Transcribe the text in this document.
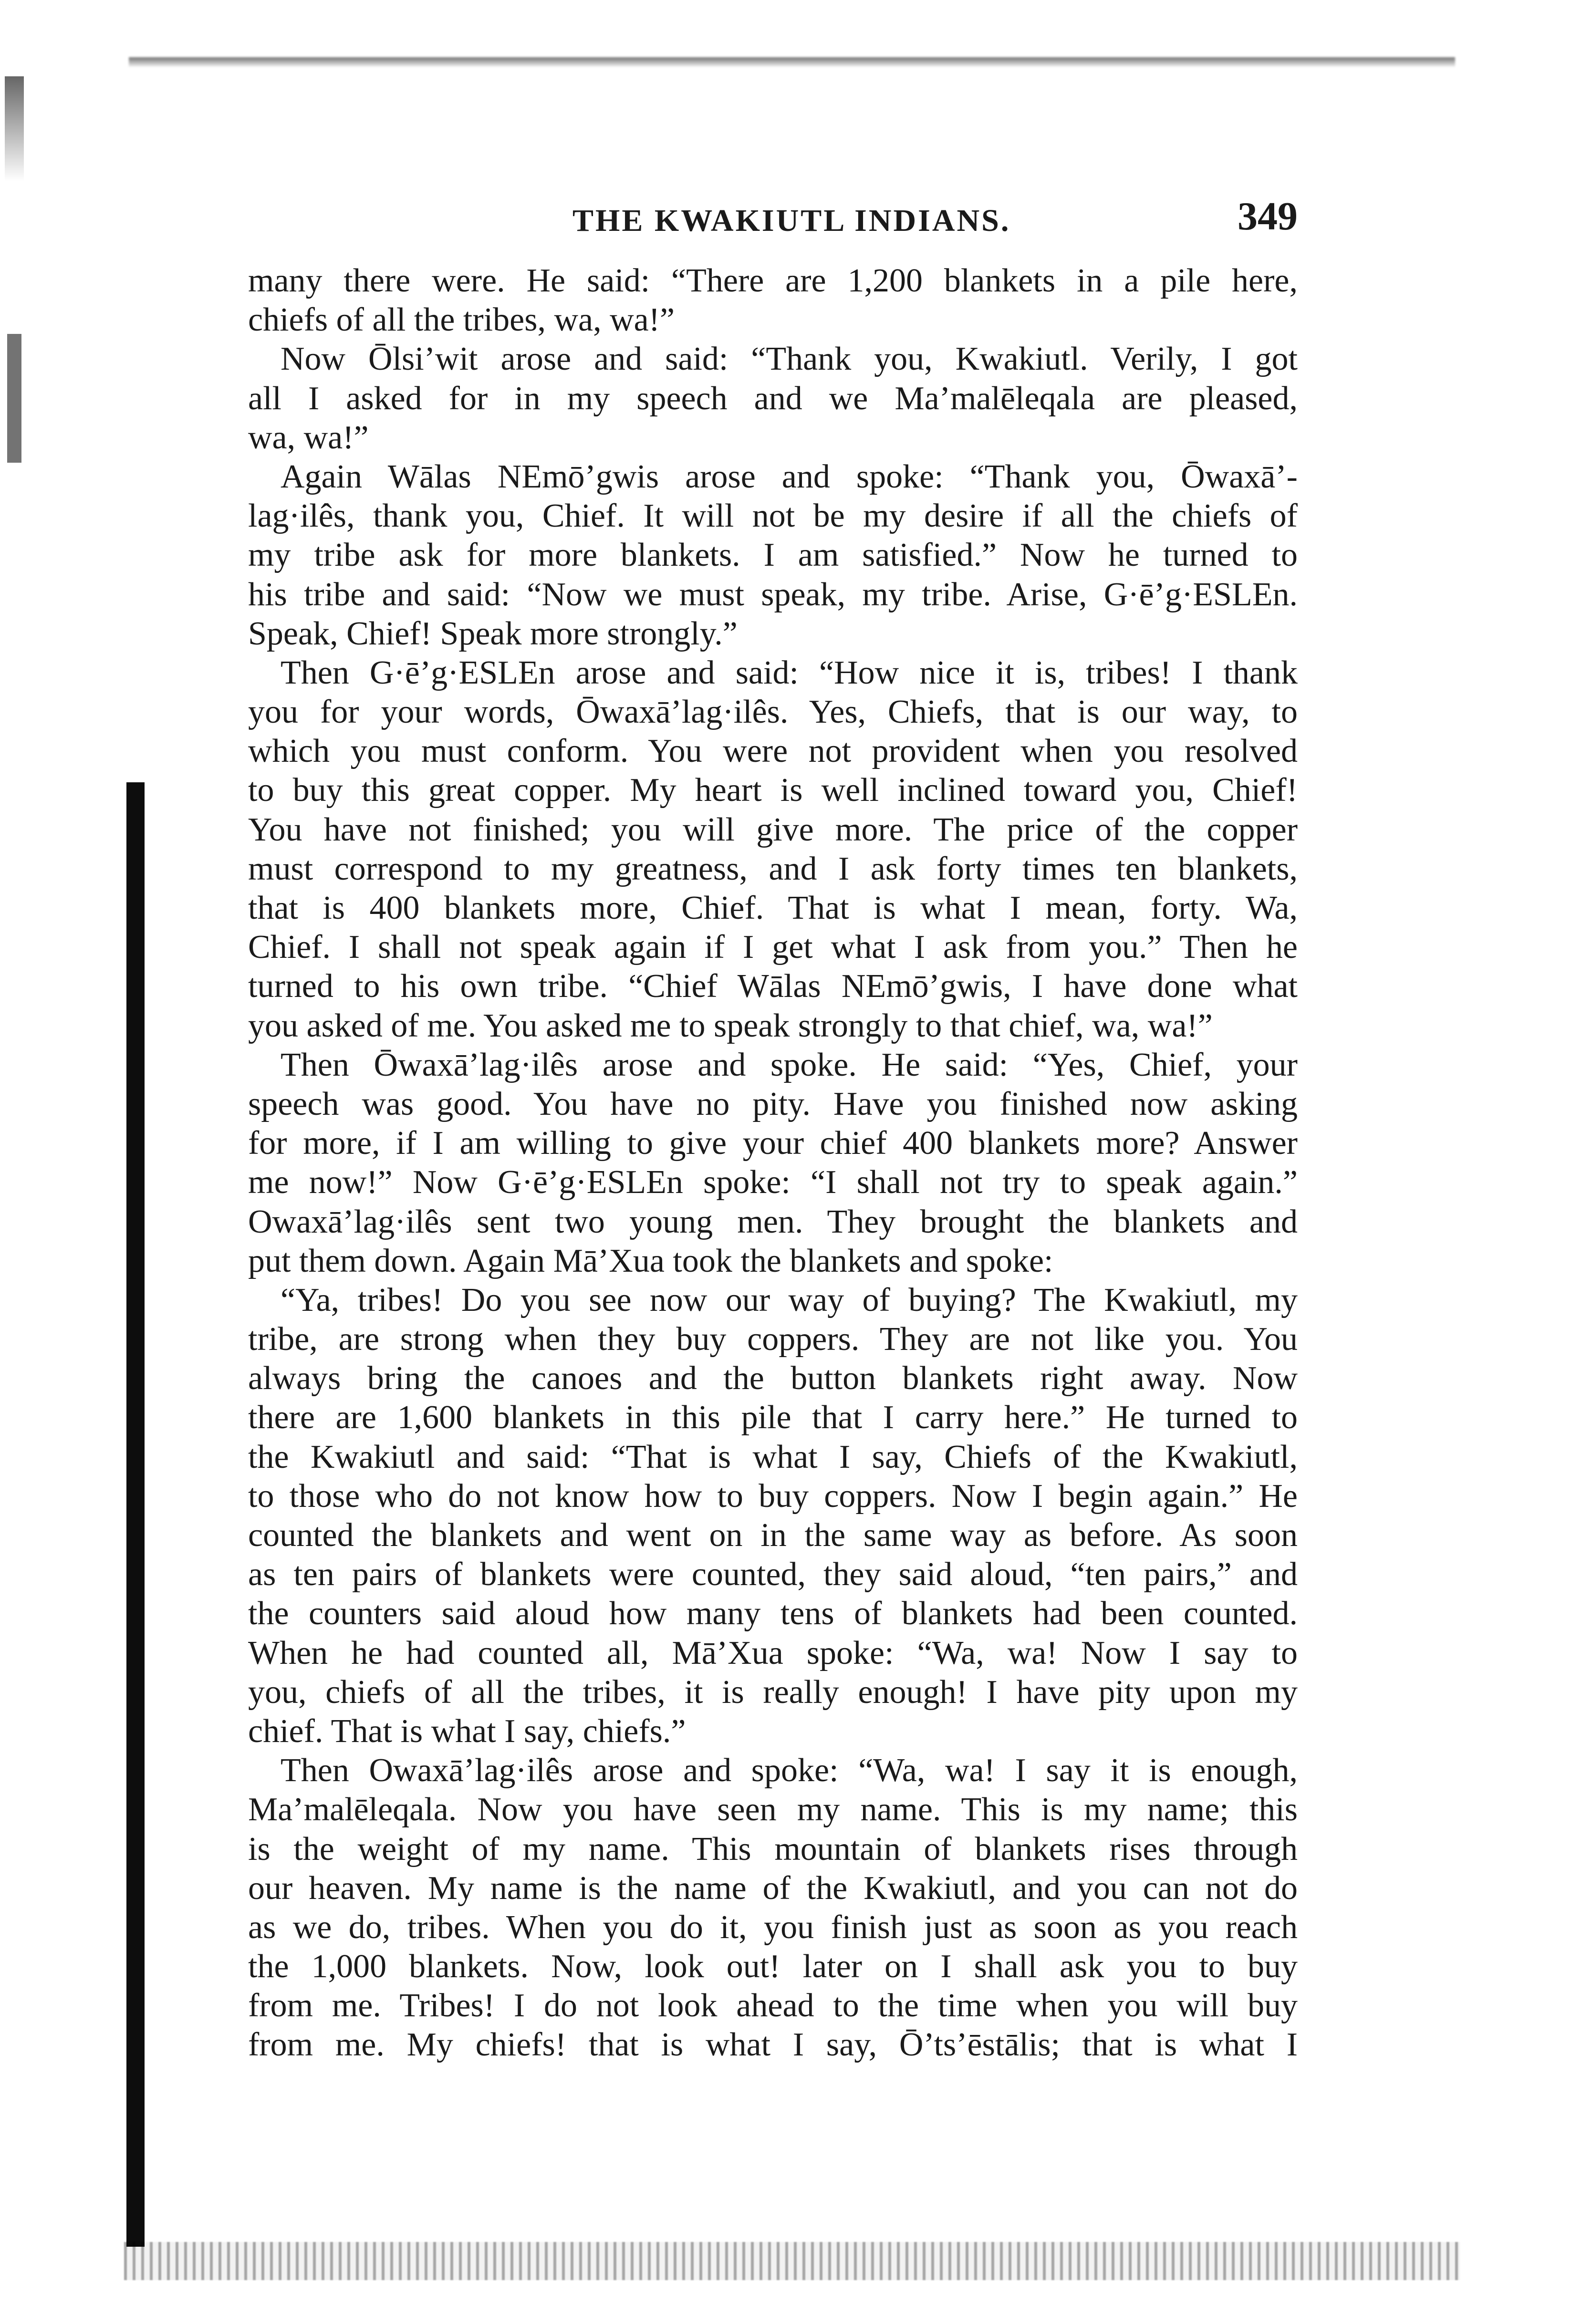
THE KWAKIUTL INDIANS.	349
many there were. He said: “There are 1,200 blankets in a pile here,
chiefs of all the tribes, wa, wa!”
Now Ōlsi’wit arose and said: “Thank you, Kwakiutl. Verily, I got
all I asked for in my speech and we Ma’malēleqala are pleased,
wa, wa!”
Again Wālas NEmō’gwis arose and spoke: “Thank you, Ōwaxā’-
lag·ilês, thank you, Chief. It will not be my desire if all the chiefs of
my tribe ask for more blankets. I am satisfied.” Now he turned to
his tribe and said: “Now we must speak, my tribe. Arise, G·ē’g·ESLEn.
Speak, Chief! Speak more strongly.”
Then G·ē’g·ESLEn arose and said: “How nice it is, tribes! I thank
you for your words, Ōwaxā’lag·ilês. Yes, Chiefs, that is our way, to
which you must conform. You were not provident when you resolved
to buy this great copper. My heart is well inclined toward you, Chief!
You have not finished; you will give more. The price of the copper
must correspond to my greatness, and I ask forty times ten blankets,
that is 400 blankets more, Chief. That is what I mean, forty. Wa,
Chief. I shall not speak again if I get what I ask from you.” Then he
turned to his own tribe. “Chief Wālas NEmō’gwis, I have done what
you asked of me. You asked me to speak strongly to that chief, wa, wa!”
Then Ōwaxā’lag·ilês arose and spoke. He said: “Yes, Chief, your
speech was good. You have no pity. Have you finished now asking
for more, if I am willing to give your chief 400 blankets more? Answer
me now!” Now G·ē’g·ESLEn spoke: “I shall not try to speak again.”
Owaxā’lag·ilês sent two young men. They brought the blankets and
put them down. Again Mā’Xua took the blankets and spoke:
“Ya, tribes! Do you see now our way of buying? The Kwakiutl, my
tribe, are strong when they buy coppers. They are not like you. You
always bring the canoes and the button blankets right away. Now
there are 1,600 blankets in this pile that I carry here.” He turned to
the Kwakiutl and said: “That is what I say, Chiefs of the Kwakiutl,
to those who do not know how to buy coppers. Now I begin again.” He
counted the blankets and went on in the same way as before. As soon
as ten pairs of blankets were counted, they said aloud, “ten pairs,” and
the counters said aloud how many tens of blankets had been counted.
When he had counted all, Mā’Xua spoke: “Wa, wa! Now I say to
you, chiefs of all the tribes, it is really enough! I have pity upon my
chief. That is what I say, chiefs.”
Then Owaxā’lag·ilês arose and spoke: “Wa, wa! I say it is enough,
Ma’malēleqala. Now you have seen my name. This is my name; this
is the weight of my name. This mountain of blankets rises through
our heaven. My name is the name of the Kwakiutl, and you can not do
as we do, tribes. When you do it, you finish just as soon as you reach
the 1,000 blankets. Now, look out! later on I shall ask you to buy
from me. Tribes! I do not look ahead to the time when you will buy
from me. My chiefs! that is what I say, Ō’ts’ēstālis; that is what I
